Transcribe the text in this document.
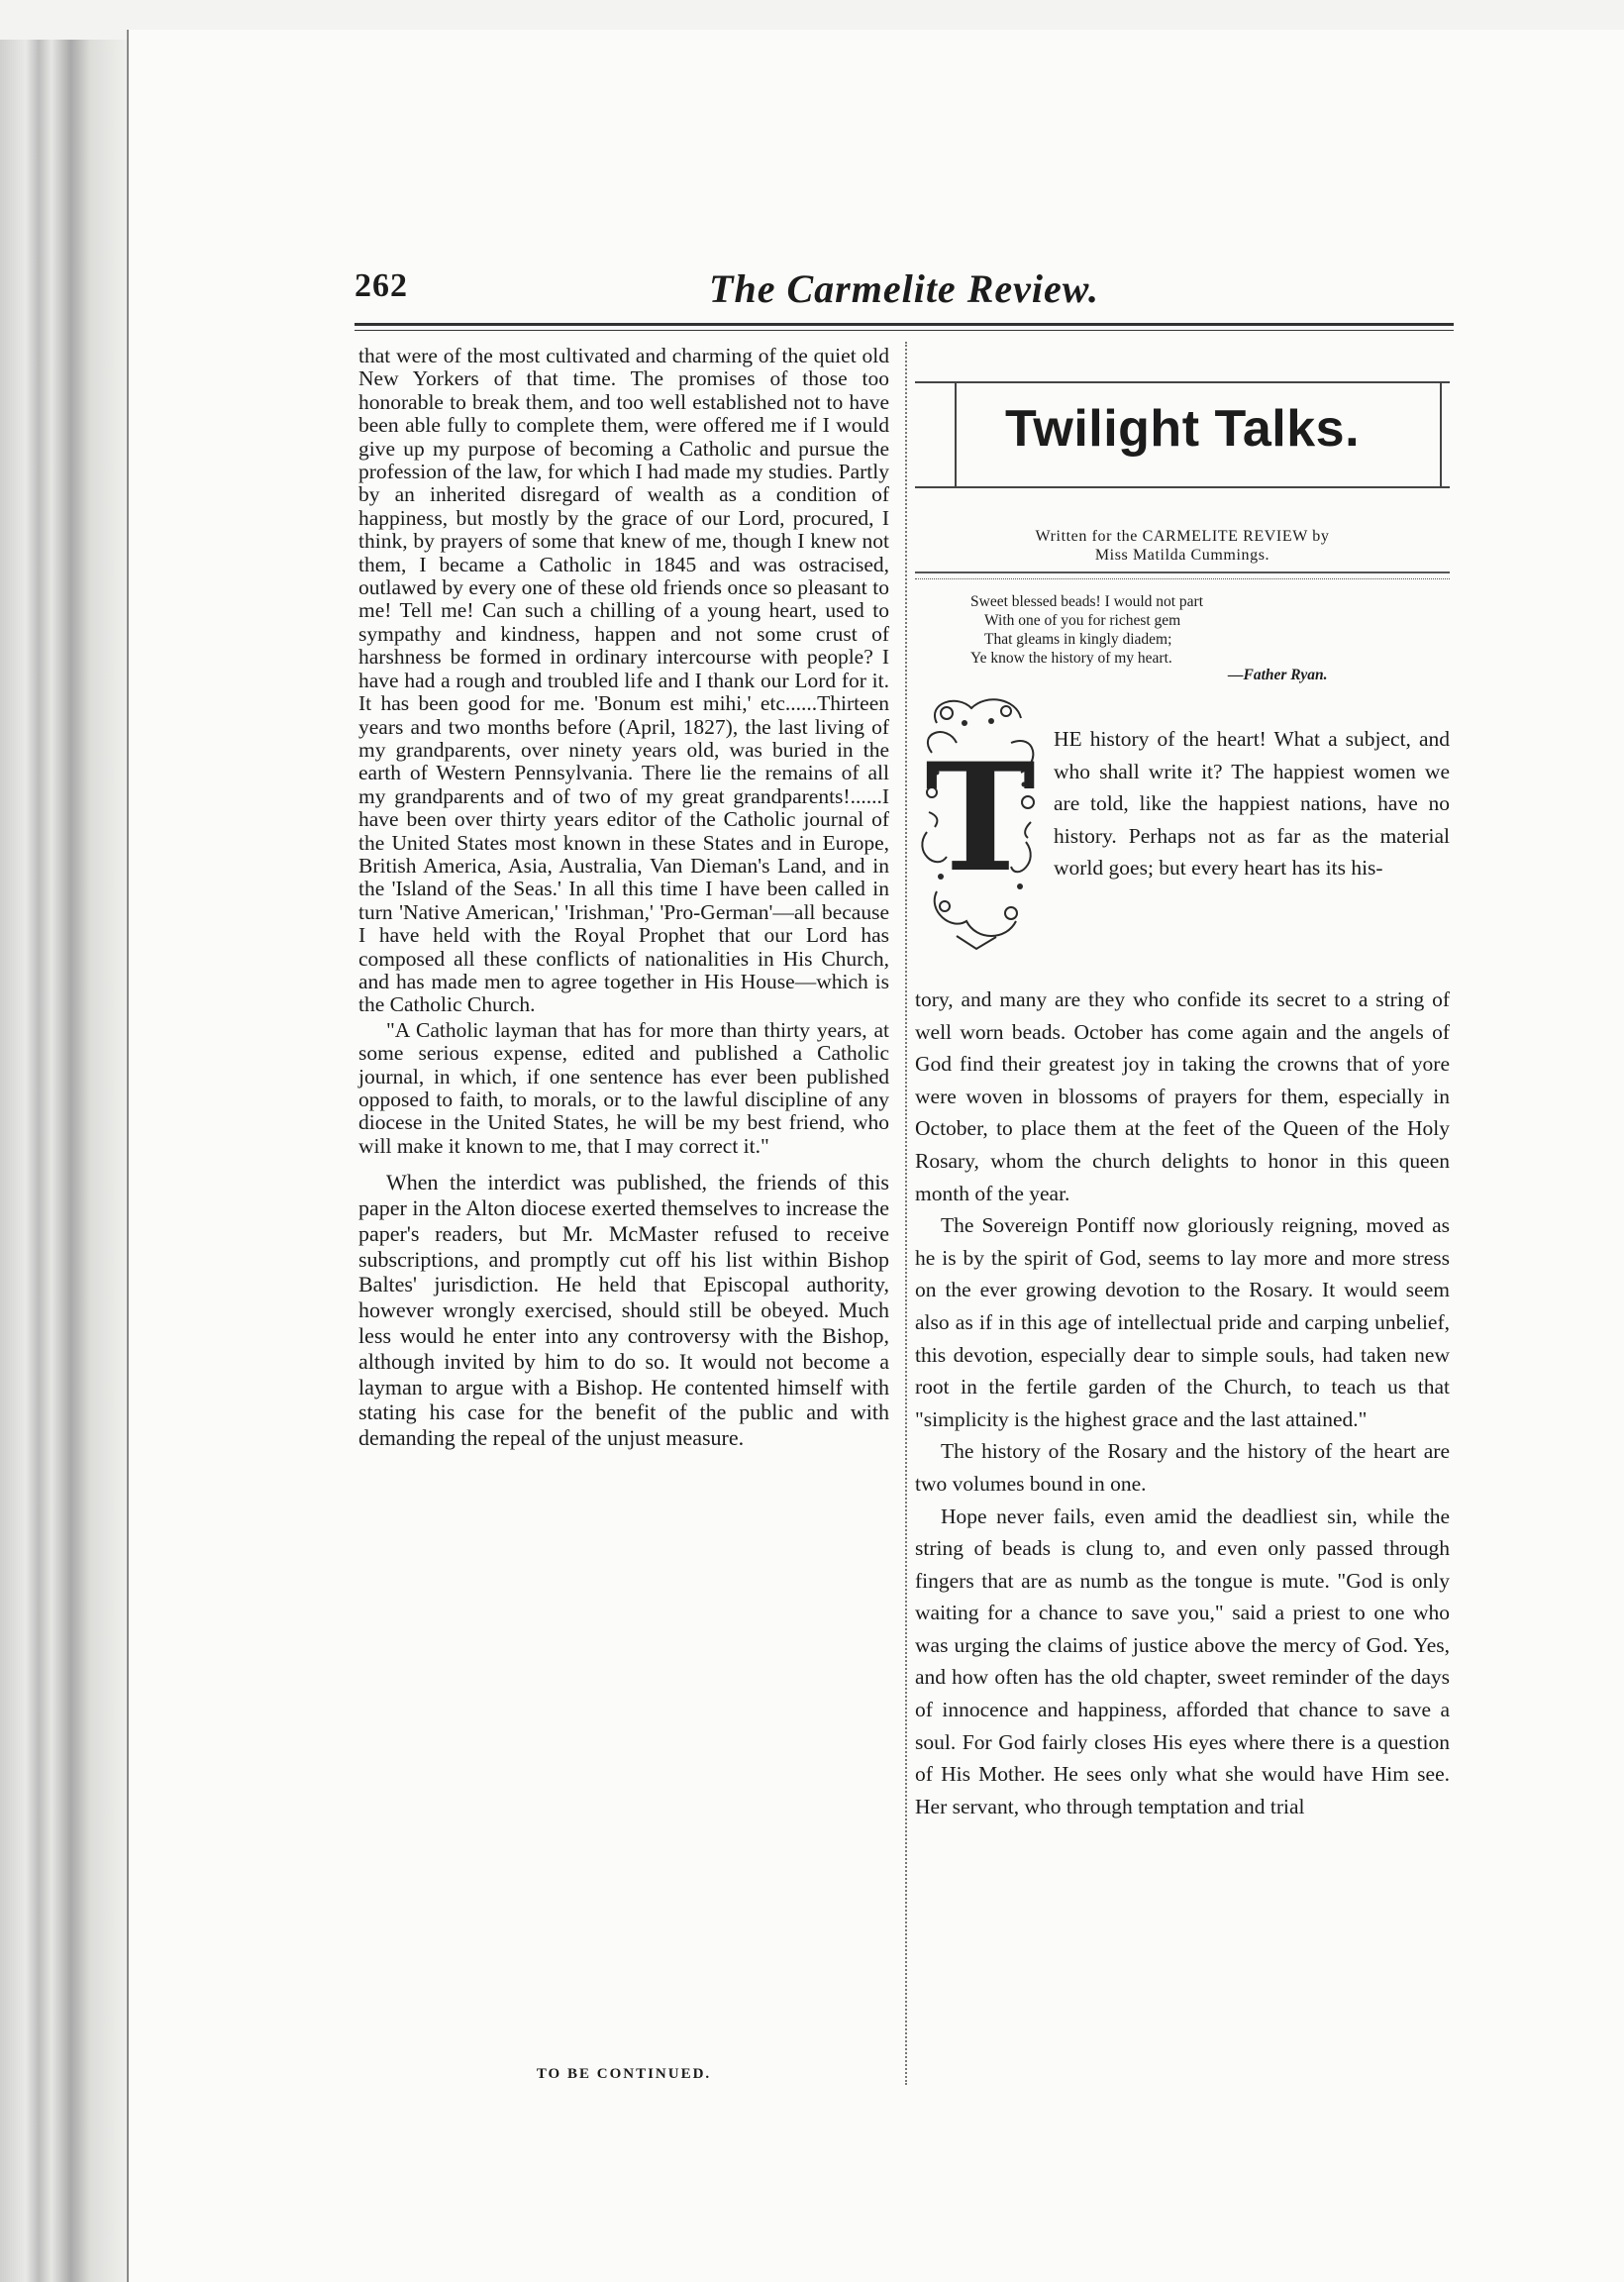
262	The Carmelite Review.

that were of the most cultivated and charming of the quiet old New Yorkers of that time. The promises of those too honorable to break them, and too well established not to have been able fully to complete them, were offered me if I would give up my purpose of becoming a Catholic and pursue the profession of the law, for which I had made my studies. Partly by an inherited disregard of wealth as a condition of happiness, but mostly by the grace of our Lord, procured, I think, by prayers of some that knew of me, though I knew not them, I became a Catholic in 1845 and was ostracised, outlawed by every one of these old friends once so pleasant to me! Tell me! Can such a chilling of a young heart, used to sympathy and kindness, happen and not some crust of harshness be formed in ordinary intercourse with people? I have had a rough and troubled life and I thank our Lord for it. It has been good for me. 'Bonum est mihi,' etc......Thirteen years and two months before (April, 1827), the last living of my grandparents, over ninety years old, was buried in the earth of Western Pennsylvania. There lie the remains of all my grandparents and of two of my great grandparents!......I have been over thirty years editor of the Catholic journal of the United States most known in these States and in Europe, British America, Asia, Australia, Van Dieman's Land, and in the 'Island of the Seas.' In all this time I have been called in turn 'Native American,' 'Irishman,' 'Pro-German'—all because I have held with the Royal Prophet that our Lord has composed all these conflicts of nationalities in His Church, and has made men to agree together in His House—which is the Catholic Church.

"A Catholic layman that has for more than thirty years, at some serious expense, edited and published a Catholic journal, in which, if one sentence has ever been published opposed to faith, to morals, or to the lawful discipline of any diocese in the United States, he will be my best friend, who will make it known to me, that I may correct it."

When the interdict was published, the friends of this paper in the Alton diocese exerted themselves to increase the paper's readers, but Mr. McMaster refused to receive subscriptions, and promptly cut off his list within Bishop Baltes' jurisdiction. He held that Episcopal authority, however wrongly exercised, should still be obeyed. Much less would he enter into any controversy with the Bishop, although invited by him to do so. It would not become a layman to argue with a Bishop. He contented himself with stating his case for the benefit of the public and with demanding the repeal of the unjust measure.

TO BE CONTINUED.
Twilight Talks.
Written for the CARMELITE REVIEW by
Miss Matilda Cummings.
Sweet blessed beads! I would not part
With one of you for richest gem
That gleams in kingly diadem;
Ye know the history of my heart.
—Father Ryan.
T HE history of the heart! What a subject, and who shall write it? The happiest women we are told, like the happiest nations, have no history. Perhaps not as far as the material world goes; but every heart has its his-

tory, and many are they who confide its secret to a string of well worn beads. October has come again and the angels of God find their greatest joy in taking the crowns that of yore were woven in blossoms of prayers for them, especially in October, to place them at the feet of the Queen of the Holy Rosary, whom the church delights to honor in this queen month of the year.

The Sovereign Pontiff now gloriously reigning, moved as he is by the spirit of God, seems to lay more and more stress on the ever growing devotion to the Rosary. It would seem also as if in this age of intellectual pride and carping unbelief, this devotion, especially dear to simple souls, had taken new root in the fertile garden of the Church, to teach us that "simplicity is the highest grace and the last attained."

The history of the Rosary and the history of the heart are two volumes bound in one.

Hope never fails, even amid the deadliest sin, while the string of beads is clung to, and even only passed through fingers that are as numb as the tongue is mute. "God is only waiting for a chance to save you," said a priest to one who was urging the claims of justice above the mercy of God. Yes, and how often has the old chapter, sweet reminder of the days of innocence and happiness, afforded that chance to save a soul. For God fairly closes His eyes where there is a question of His Mother. He sees only what she would have Him see. Her servant, who through temptation and trial
